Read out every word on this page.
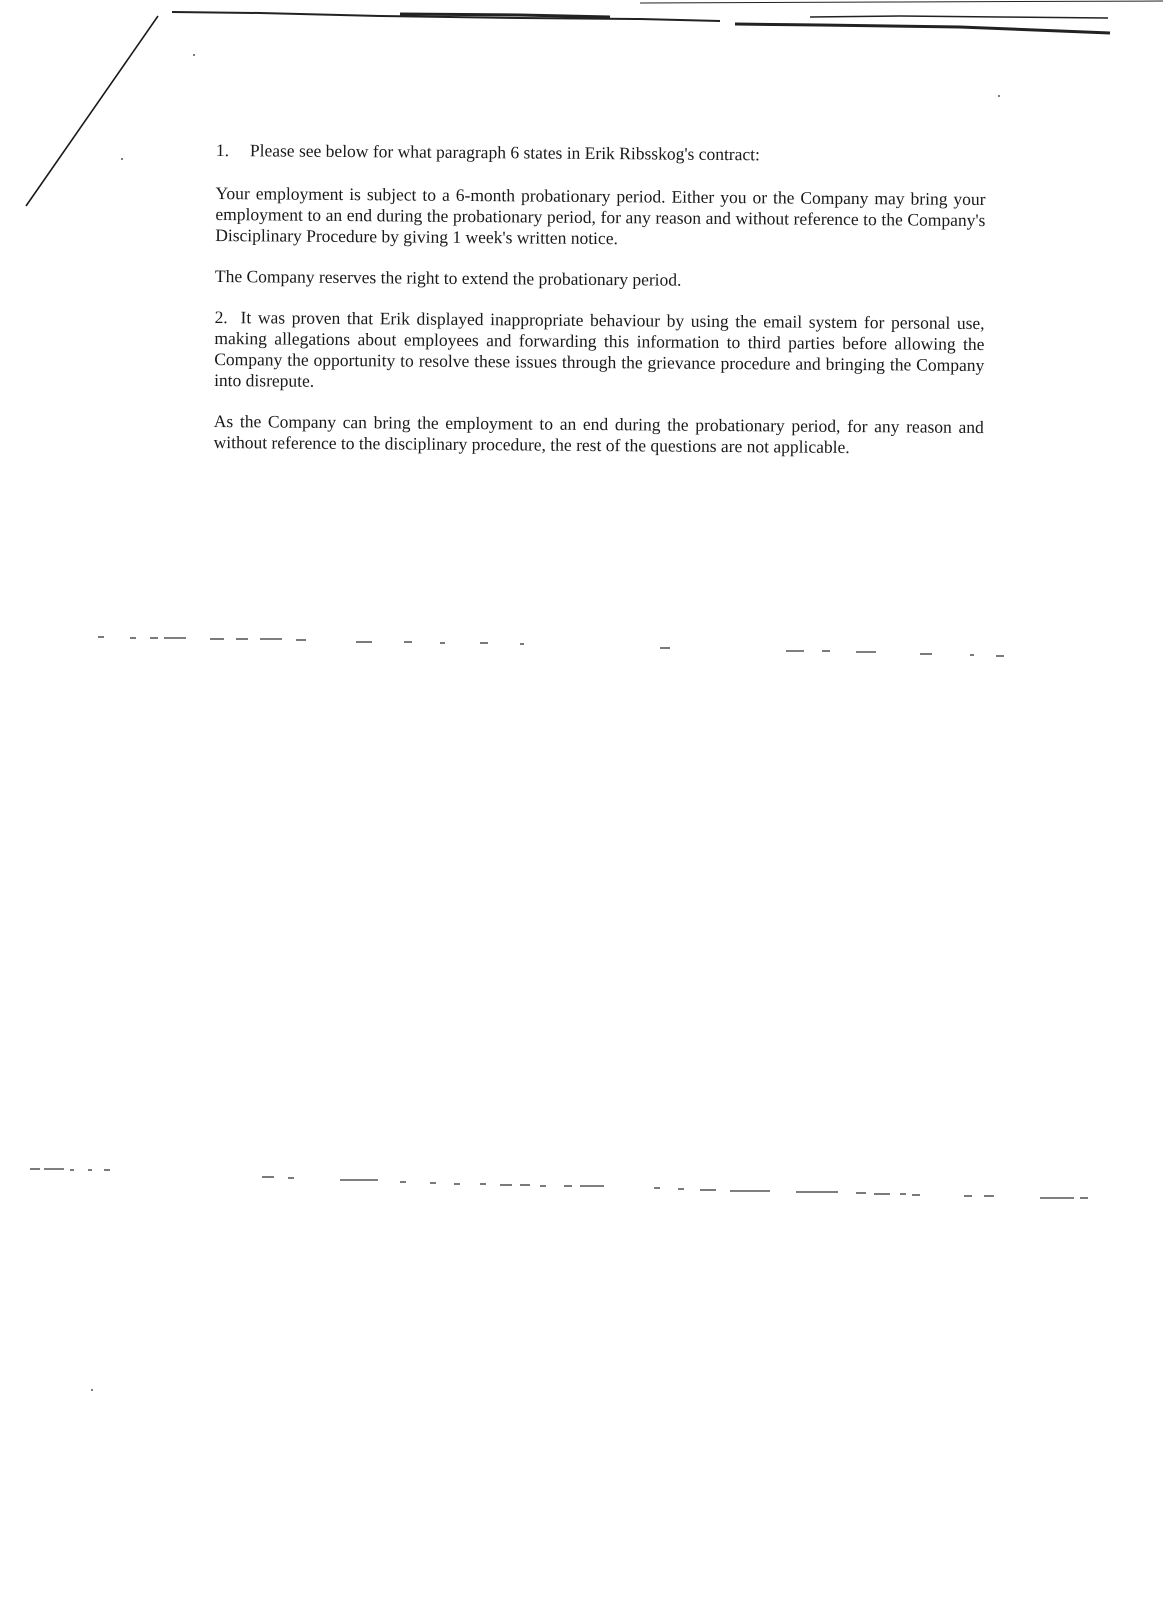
1. Please see below for what paragraph 6 states in Erik Ribsskog's contract:

Your employment is subject to a 6-month probationary period. Either you or the Company may bring your employment to an end during the probationary period, for any reason and without reference to the Company's Disciplinary Procedure by giving 1 week's written notice.

The Company reserves the right to extend the probationary period.

2. It was proven that Erik displayed inappropriate behaviour by using the email system for personal use, making allegations about employees and forwarding this information to third parties before allowing the Company the opportunity to resolve these issues through the grievance procedure and bringing the Company into disrepute.

As the Company can bring the employment to an end during the probationary period, for any reason and without reference to the disciplinary procedure, the rest of the questions are not applicable.
